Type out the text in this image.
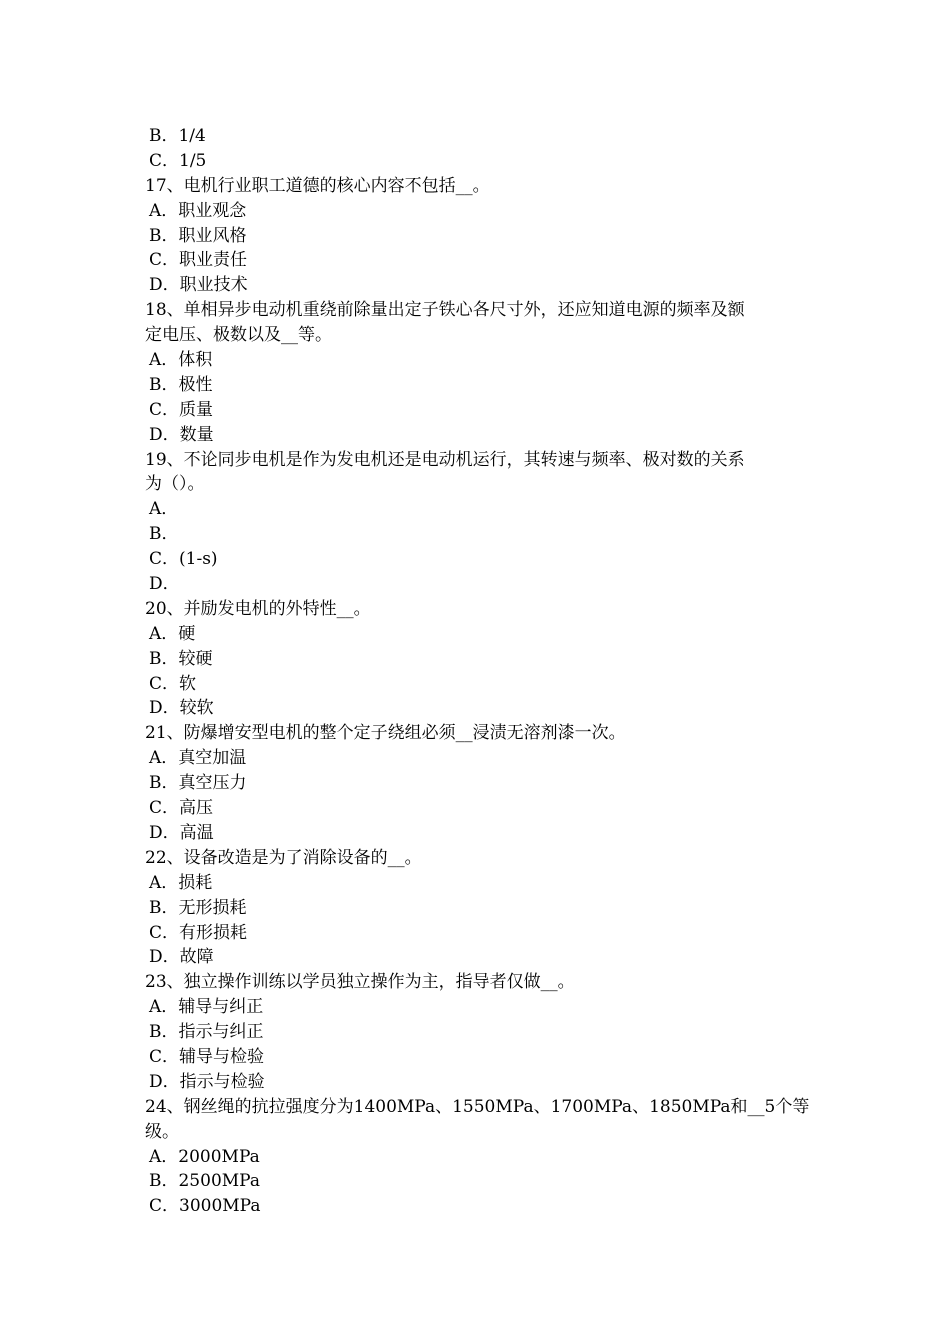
B．1/4
C．1/5
17、电机行业职工道德的核心内容不包括__。
A．职业观念
B．职业风格
C．职业责任
D．职业技术
18、单相异步电动机重绕前除量出定子铁心各尺寸外，还应知道电源的频率及额
定电压、极数以及__等。
A．体积
B．极性
C．质量
D．数量
19、不论同步电机是作为发电机还是电动机运行，其转速与频率、极对数的关系
为（）。
A．
B．
C．(1-s)
D．
20、并励发电机的外特性__。
A．硬
B．较硬
C．软
D．较软
21、防爆增安型电机的整个定子绕组必须__浸渍无溶剂漆一次。
A．真空加温
B．真空压力
C．高压
D．高温
22、设备改造是为了消除设备的__。
A．损耗
B．无形损耗
C．有形损耗
D．故障
23、独立操作训练以学员独立操作为主，指导者仅做__。
A．辅导与纠正
B．指示与纠正
C．辅导与检验
D．指示与检验
24、钢丝绳的抗拉强度分为1400MPa、1550MPa、1700MPa、1850MPa和__5个等
级。
A．2000MPa
B．2500MPa
C．3000MPa
